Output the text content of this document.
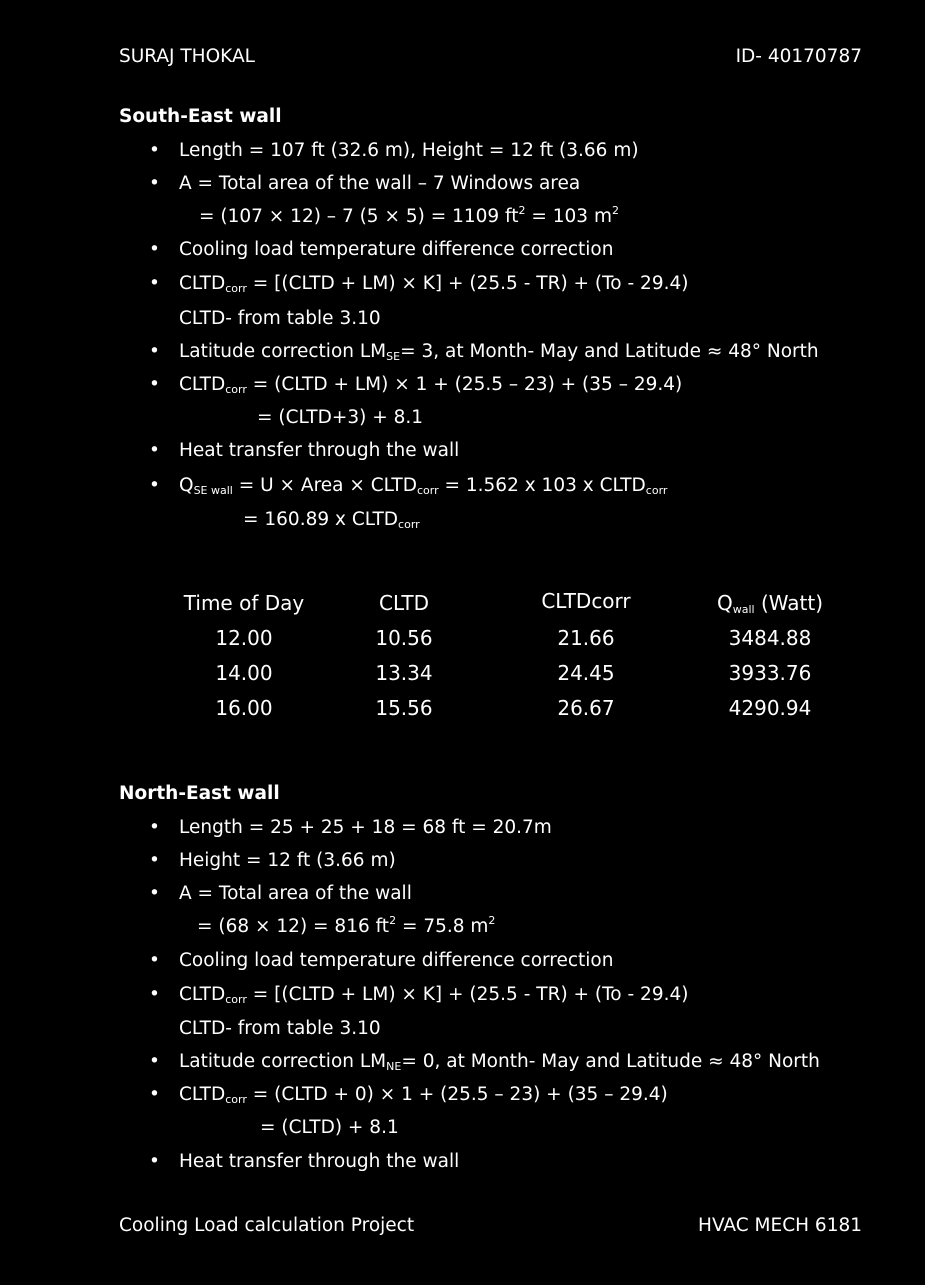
SURAJ THOKAL	ID- 40170787
South-East wall
Length = 107 ft (32.6 m), Height = 12 ft (3.66 m)
A = Total area of the wall – 7 Windows area
= (107 × 12) – 7 (5 × 5) = 1109 $ft^2 = 103$ $m^2$
Cooling load temperature difference correction
$CLTD_{corr}$ = [(CLTD + LM) × K] + (25.5 - TR) + (To - 29.4)
CLTD- from table 3.10
Latitude correction $LM_{SE}= 3$, at Month- May and Latitude ≈ 48° North
$CLTD_{corr}$ = (CLTD + LM) × 1 + (25.5 – 23) + (35 – 29.4)
= (CLTD+3) + 8.1
Heat transfer through the wall
$Q_{SE wall} = U$ × Area × $CLTD_{corr} = 1.562$ x 103 x $CLTD_{corr}$
= 160.89 x $CLTD_{corr}$
Time of Day	CLTD	CLTDcorr	$Q_{wall}$ (Watt)
12.00	10.56	21.66	3484.88
14.00	13.34	24.45	3933.76
16.00	15.56	26.67	4290.94
North-East wall
Length = 25 + 25 + 18 = 68 ft = 20.7m
Height = 12 ft (3.66 m)
A = Total area of the wall
= (68 × 12) = 816 $ft^2 = 75.8$ $m^2$
Cooling load temperature difference correction
$CLTD_{corr}$ = [(CLTD + LM) × K] + (25.5 - TR) + (To - 29.4)
CLTD- from table 3.10
Latitude correction $LM_{NE}= 0$, at Month- May and Latitude ≈ 48° North
$CLTD_{corr}$ = (CLTD + 0) × 1 + (25.5 – 23) + (35 – 29.4)
= (CLTD) + 8.1
Heat transfer through the wall
Cooling Load calculation Project	HVAC MECH 6181
